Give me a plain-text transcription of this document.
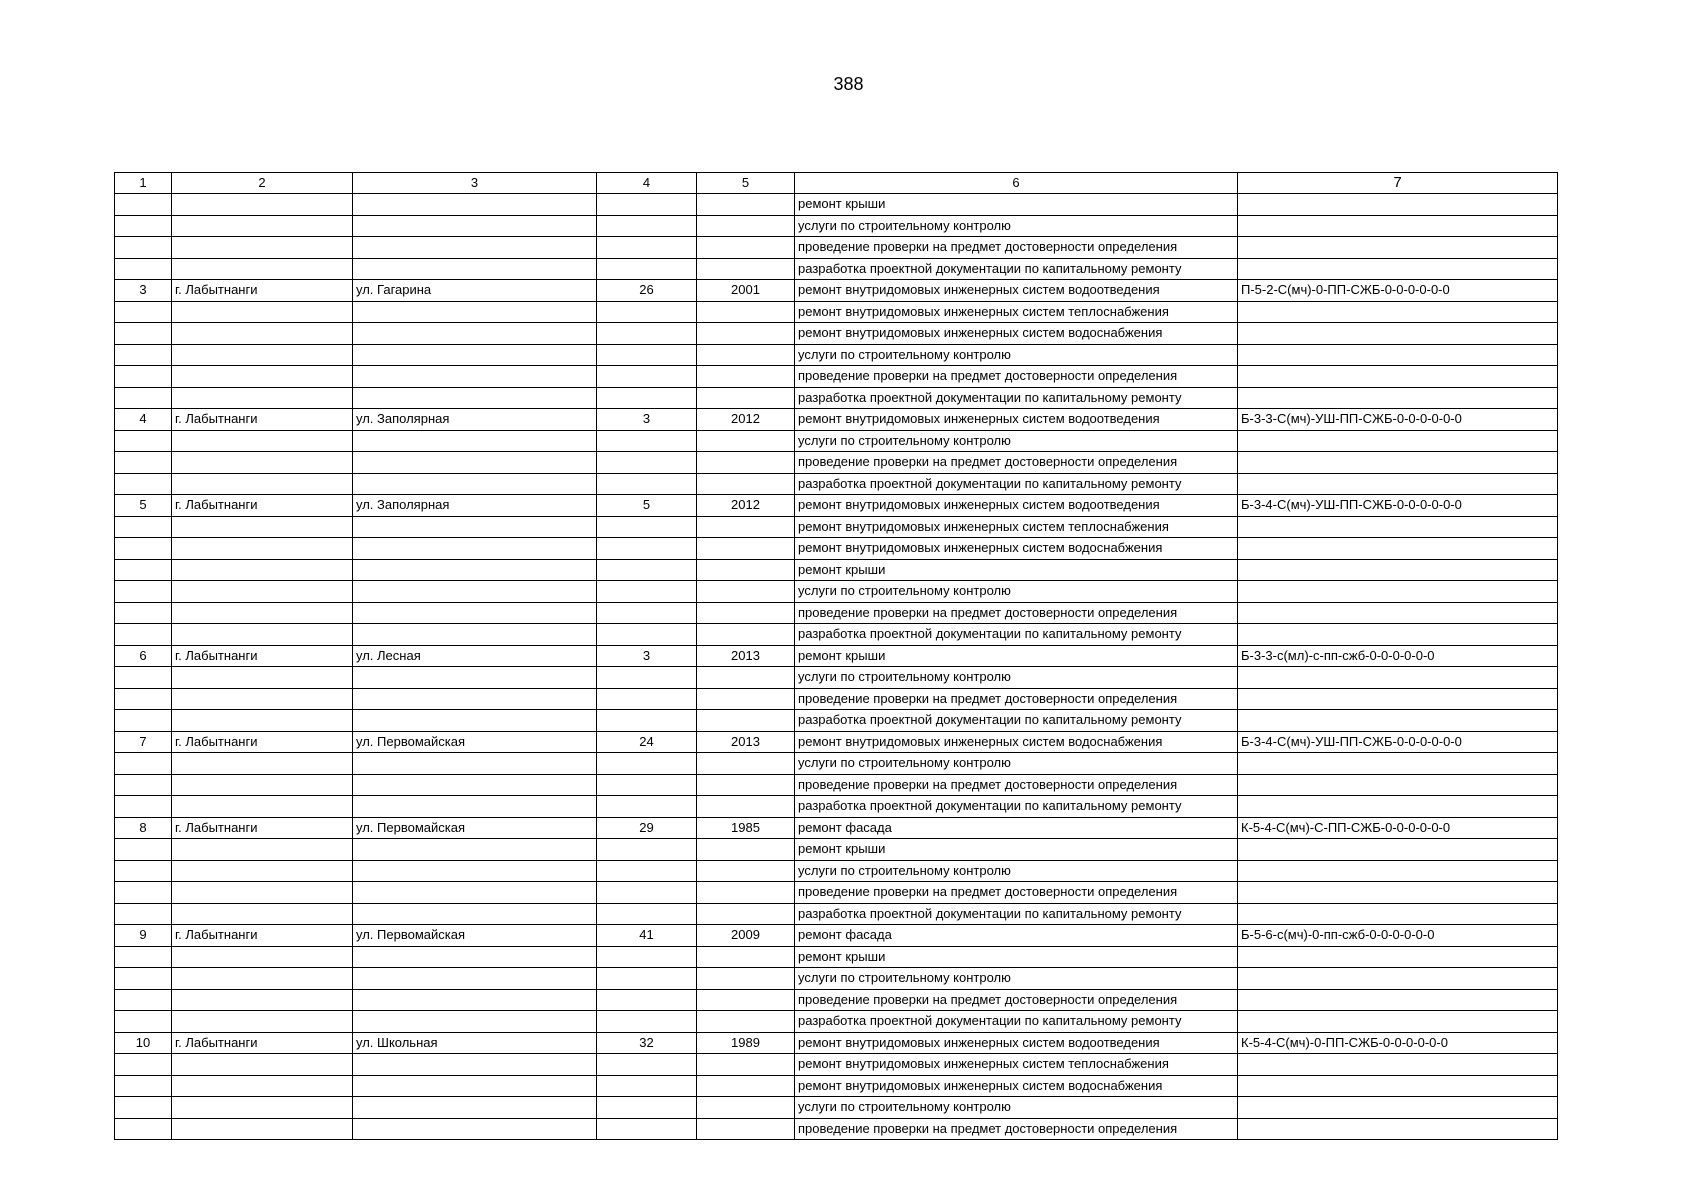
388
1	2	3	4	5	6	7
					ремонт крыши	
					услуги по строительному контролю	
					проведение проверки на предмет достоверности определения	
					разработка проектной документации по капитальному ремонту	
3	г. Лабытнанги	ул. Гагарина	26	2001	ремонт внутридомовых инженерных систем водоотведения	П-5-2-С(мч)-0-ПП-СЖБ-0-0-0-0-0-0
					ремонт внутридомовых инженерных систем теплоснабжения	
					ремонт внутридомовых инженерных систем водоснабжения	
					услуги по строительному контролю	
					проведение проверки на предмет достоверности определения	
					разработка проектной документации по капитальному ремонту	
4	г. Лабытнанги	ул. Заполярная	3	2012	ремонт внутридомовых инженерных систем водоотведения	Б-3-3-С(мч)-УШ-ПП-СЖБ-0-0-0-0-0-0
					услуги по строительному контролю	
					проведение проверки на предмет достоверности определения	
					разработка проектной документации по капитальному ремонту	
5	г. Лабытнанги	ул. Заполярная	5	2012	ремонт внутридомовых инженерных систем водоотведения	Б-3-4-С(мч)-УШ-ПП-СЖБ-0-0-0-0-0-0
					ремонт внутридомовых инженерных систем теплоснабжения	
					ремонт внутридомовых инженерных систем водоснабжения	
					ремонт крыши	
					услуги по строительному контролю	
					проведение проверки на предмет достоверности определения	
					разработка проектной документации по капитальному ремонту	
6	г. Лабытнанги	ул. Лесная	3	2013	ремонт крыши	Б-3-3-с(мл)-с-пп-сжб-0-0-0-0-0-0
					услуги по строительному контролю	
					проведение проверки на предмет достоверности определения	
					разработка проектной документации по капитальному ремонту	
7	г. Лабытнанги	ул. Первомайская	24	2013	ремонт внутридомовых инженерных систем водоснабжения	Б-3-4-С(мч)-УШ-ПП-СЖБ-0-0-0-0-0-0
					услуги по строительному контролю	
					проведение проверки на предмет достоверности определения	
					разработка проектной документации по капитальному ремонту	
8	г. Лабытнанги	ул. Первомайская	29	1985	ремонт фасада	К-5-4-С(мч)-С-ПП-СЖБ-0-0-0-0-0-0
					ремонт крыши	
					услуги по строительному контролю	
					проведение проверки на предмет достоверности определения	
					разработка проектной документации по капитальному ремонту	
9	г. Лабытнанги	ул. Первомайская	41	2009	ремонт фасада	Б-5-6-с(мч)-0-пп-сжб-0-0-0-0-0-0
					ремонт крыши	
					услуги по строительному контролю	
					проведение проверки на предмет достоверности определения	
					разработка проектной документации по капитальному ремонту	
10	г. Лабытнанги	ул. Школьная	32	1989	ремонт внутридомовых инженерных систем водоотведения	К-5-4-С(мч)-0-ПП-СЖБ-0-0-0-0-0-0
					ремонт внутридомовых инженерных систем теплоснабжения	
					ремонт внутридомовых инженерных систем водоснабжения	
					услуги по строительному контролю	
					проведение проверки на предмет достоверности определения	
